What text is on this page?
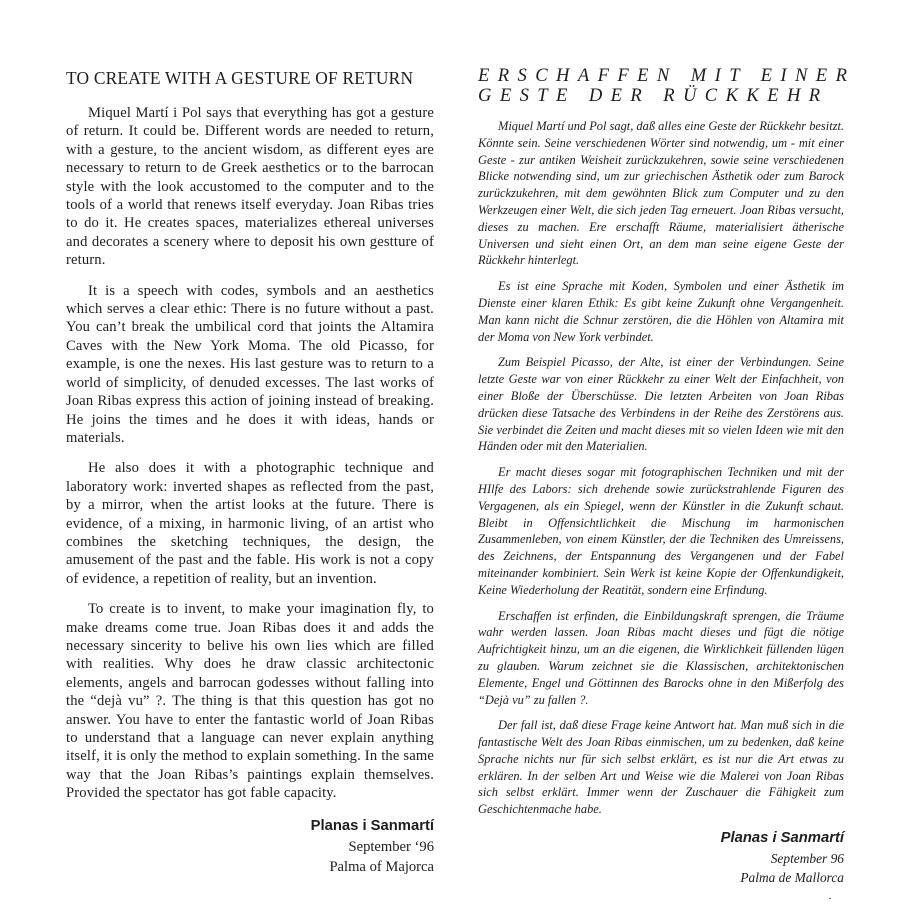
TO CREATE WITH A GESTURE OF RETURN

Miquel Martí i Pol says that everything has got a gesture of return. It could be. Different words are needed to return, with a gesture, to the ancient wisdom, as different eyes are necessary to return to de Greek aesthetics or to the barrocan style with the look accustomed to the computer and to the tools of a world that renews itself everyday. Joan Ribas tries to do it. He creates spaces, materializes ethereal universes and decorates a scenery where to deposit his own gestture of return.

It is a speech with codes, symbols and an aesthetics which serves a clear ethic: There is no future without a past. You can’t break the umbilical cord that joints the Altamira Caves with the New York Moma. The old Picasso, for example, is one the nexes. His last gesture was to return to a world of simplicity, of denuded excesses. The last works of Joan Ribas express this action of joining instead of breaking. He joins the times and he does it with ideas, hands or materials.

He also does it with a photographic technique and laboratory work: inverted shapes as reflected from the past, by a mirror, when the artist looks at the future. There is evidence, of a mixing, in harmonic living, of an artist who combines the sketching techniques, the design, the amusement of the past and the fable. His work is not a copy of evidence, a repetition of reality, but an invention.

To create is to invent, to make your imagination fly, to make dreams come true. Joan Ribas does it and adds the necessary sincerity to belive his own lies which are filled with realities. Why does he draw classic architectonic elements, angels and barrocan godesses without falling into the “dejà vu” ?. The thing is that this question has got no answer. You have to enter the fantastic world of Joan Ribas to understand that a language can never explain anything itself, it is only the method to explain something. In the same way that the Joan Ribas’s paintings explain themselves. Provided the spectator has got fable capacity.

Planas i Sanmartí
September ‘96
Palma of Majorca
ERSCHAFFEN MIT EINER
GESTE DER RÜCKKEHR

Miquel Martí und Pol sagt, daß alles eine Geste der Rückkehr besitzt. Könnte sein. Seine verschiedenen Wörter sind notwendig, um - mit einer Geste - zur antiken Weisheit zurückzukehren, sowie seine verschiedenen Blicke notwending sind, um zur griechischen Ästhetik oder zum Barock zurückzukehren, mit dem gewöhnten Blick zum Computer und zu den Werkzeugen einer Welt, die sich jeden Tag erneuert. Joan Ribas versucht, dieses zu machen. Ere erschafft Räume, materialisiert ätherische Universen und sieht einen Ort, an dem man seine eigene Geste der Rückkehr hinterlegt.

Es ist eine Sprache mit Koden, Symbolen und einer Ästhetik im Dienste einer klaren Ethik: Es gibt keine Zukunft ohne Vergangenheit. Man kann nicht die Schnur zerstören, die die Höhlen von Altamira mit der Moma von New York verbindet.

Zum Beispiel Picasso, der Alte, ist einer der Verbindungen. Seine letzte Geste war von einer Rückkehr zu einer Welt der Einfachheit, von einer Bloße der Überschüsse. Die letzten Arbeiten von Joan Ribas drücken diese Tatsache des Verbindens in der Reihe des Zerstörens aus. Sie verbindet die Zeiten und macht dieses mit so vielen Ideen wie mit den Händen oder mit den Materialien.

Er macht dieses sogar mit fotographischen Techniken und mit der HIlfe des Labors: sich drehende sowie zurückstrahlende Figuren des Vergagenen, als ein Spiegel, wenn der Künstler in die Zukunft schaut. Bleibt in Offensichtlichkeit die Mischung im harmonischen Zusammenleben, von einem Künstler, der die Techniken des Umreissens, des Zeichnens, der Entspannung des Vergangenen und der Fabel miteinander kombiniert. Sein Werk ist keine Kopie der Offenkundigkeit, Keine Wiederholung der Reatität, sondern eine Erfindung.

Erschaffen ist erfinden, die Einbildungskraft sprengen, die Träume wahr werden lassen. Joan Ribas macht dieses und fügt die nötige Aufrichtigkeit hinzu, um an die eigenen, die Wirklichkeit füllenden lügen zu glauben. Warum zeichnet sie die Klassischen, architektonischen Elemente, Engel und Göttinnen des Barocks ohne in den Mißerfolg des “Dejà vu” zu fallen ?.

Der fall ist, daß diese Frage keine Antwort hat. Man muß sich in die fantastische Welt des Joan Ribas einmischen, um zu bedenken, daß keine Sprache nichts nur für sich selbst erklärt, es ist nur die Art etwas zu erklären. In der selben Art und Weise wie die Malerei von Joan Ribas sich selbst erklärt. Immer wenn der Zuschauer die Fähigkeit zum Geschichtenmache habe.

Planas i Sanmartí
September 96
Palma de Mallorca
·
